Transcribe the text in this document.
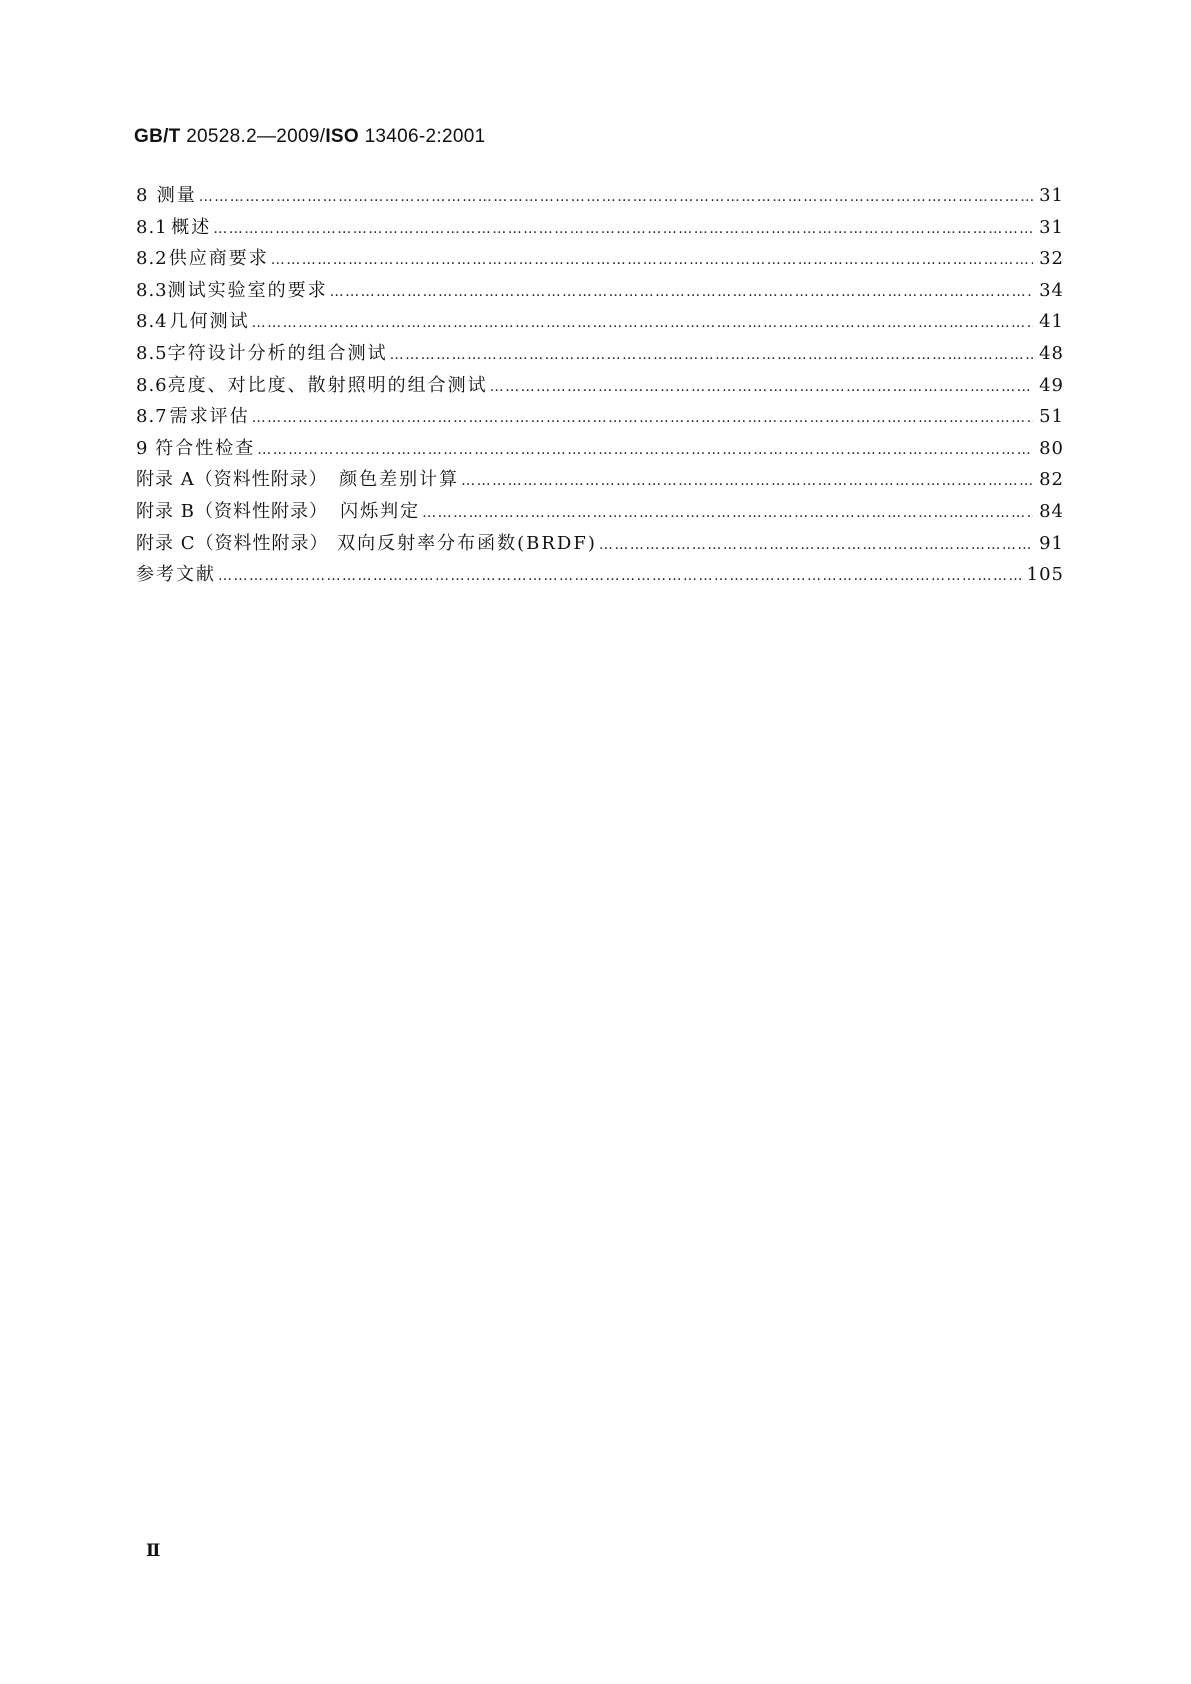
GB/T 20528.2—2009/ISO 13406-2:2001
8 测量 ………………………………………………………………………………………………………………………………………………………………………………………………………………	31
8.1 概述 ………………………………………………………………………………………………………………………………………………………………………………………………………………	31
8.2 供应商要求 ………………………………………………………………………………………………………………………………………………………………………………………………………………	32
8.3 测试实验室的要求 ………………………………………………………………………………………………………………………………………………………………………………………………………………	34
8.4 几何测试 ………………………………………………………………………………………………………………………………………………………………………………………………………………	41
8.5 字符设计分析的组合测试 ………………………………………………………………………………………………………………………………………………………………………………………………………………	48
8.6 亮度、对比度、散射照明的组合测试 ………………………………………………………………………………………………………………………………………………………………………………………………………………	49
8.7 需求评估 ………………………………………………………………………………………………………………………………………………………………………………………………………………	51
9 符合性检查 ………………………………………………………………………………………………………………………………………………………………………………………………………………	80
附录 A（资料性附录） 颜色差别计算 ………………………………………………………………………………………………………………………………………………………………………………………………………………	82
附录 B（资料性附录） 闪烁判定 ………………………………………………………………………………………………………………………………………………………………………………………………………………	84
附录 C（资料性附录） 双向反射率分布函数(BRDF) ………………………………………………………………………………………………………………………………………………………………………………………………………………	91
参考文献 ………………………………………………………………………………………………………………………………………………………………………………………………………………	105
Ⅱ
